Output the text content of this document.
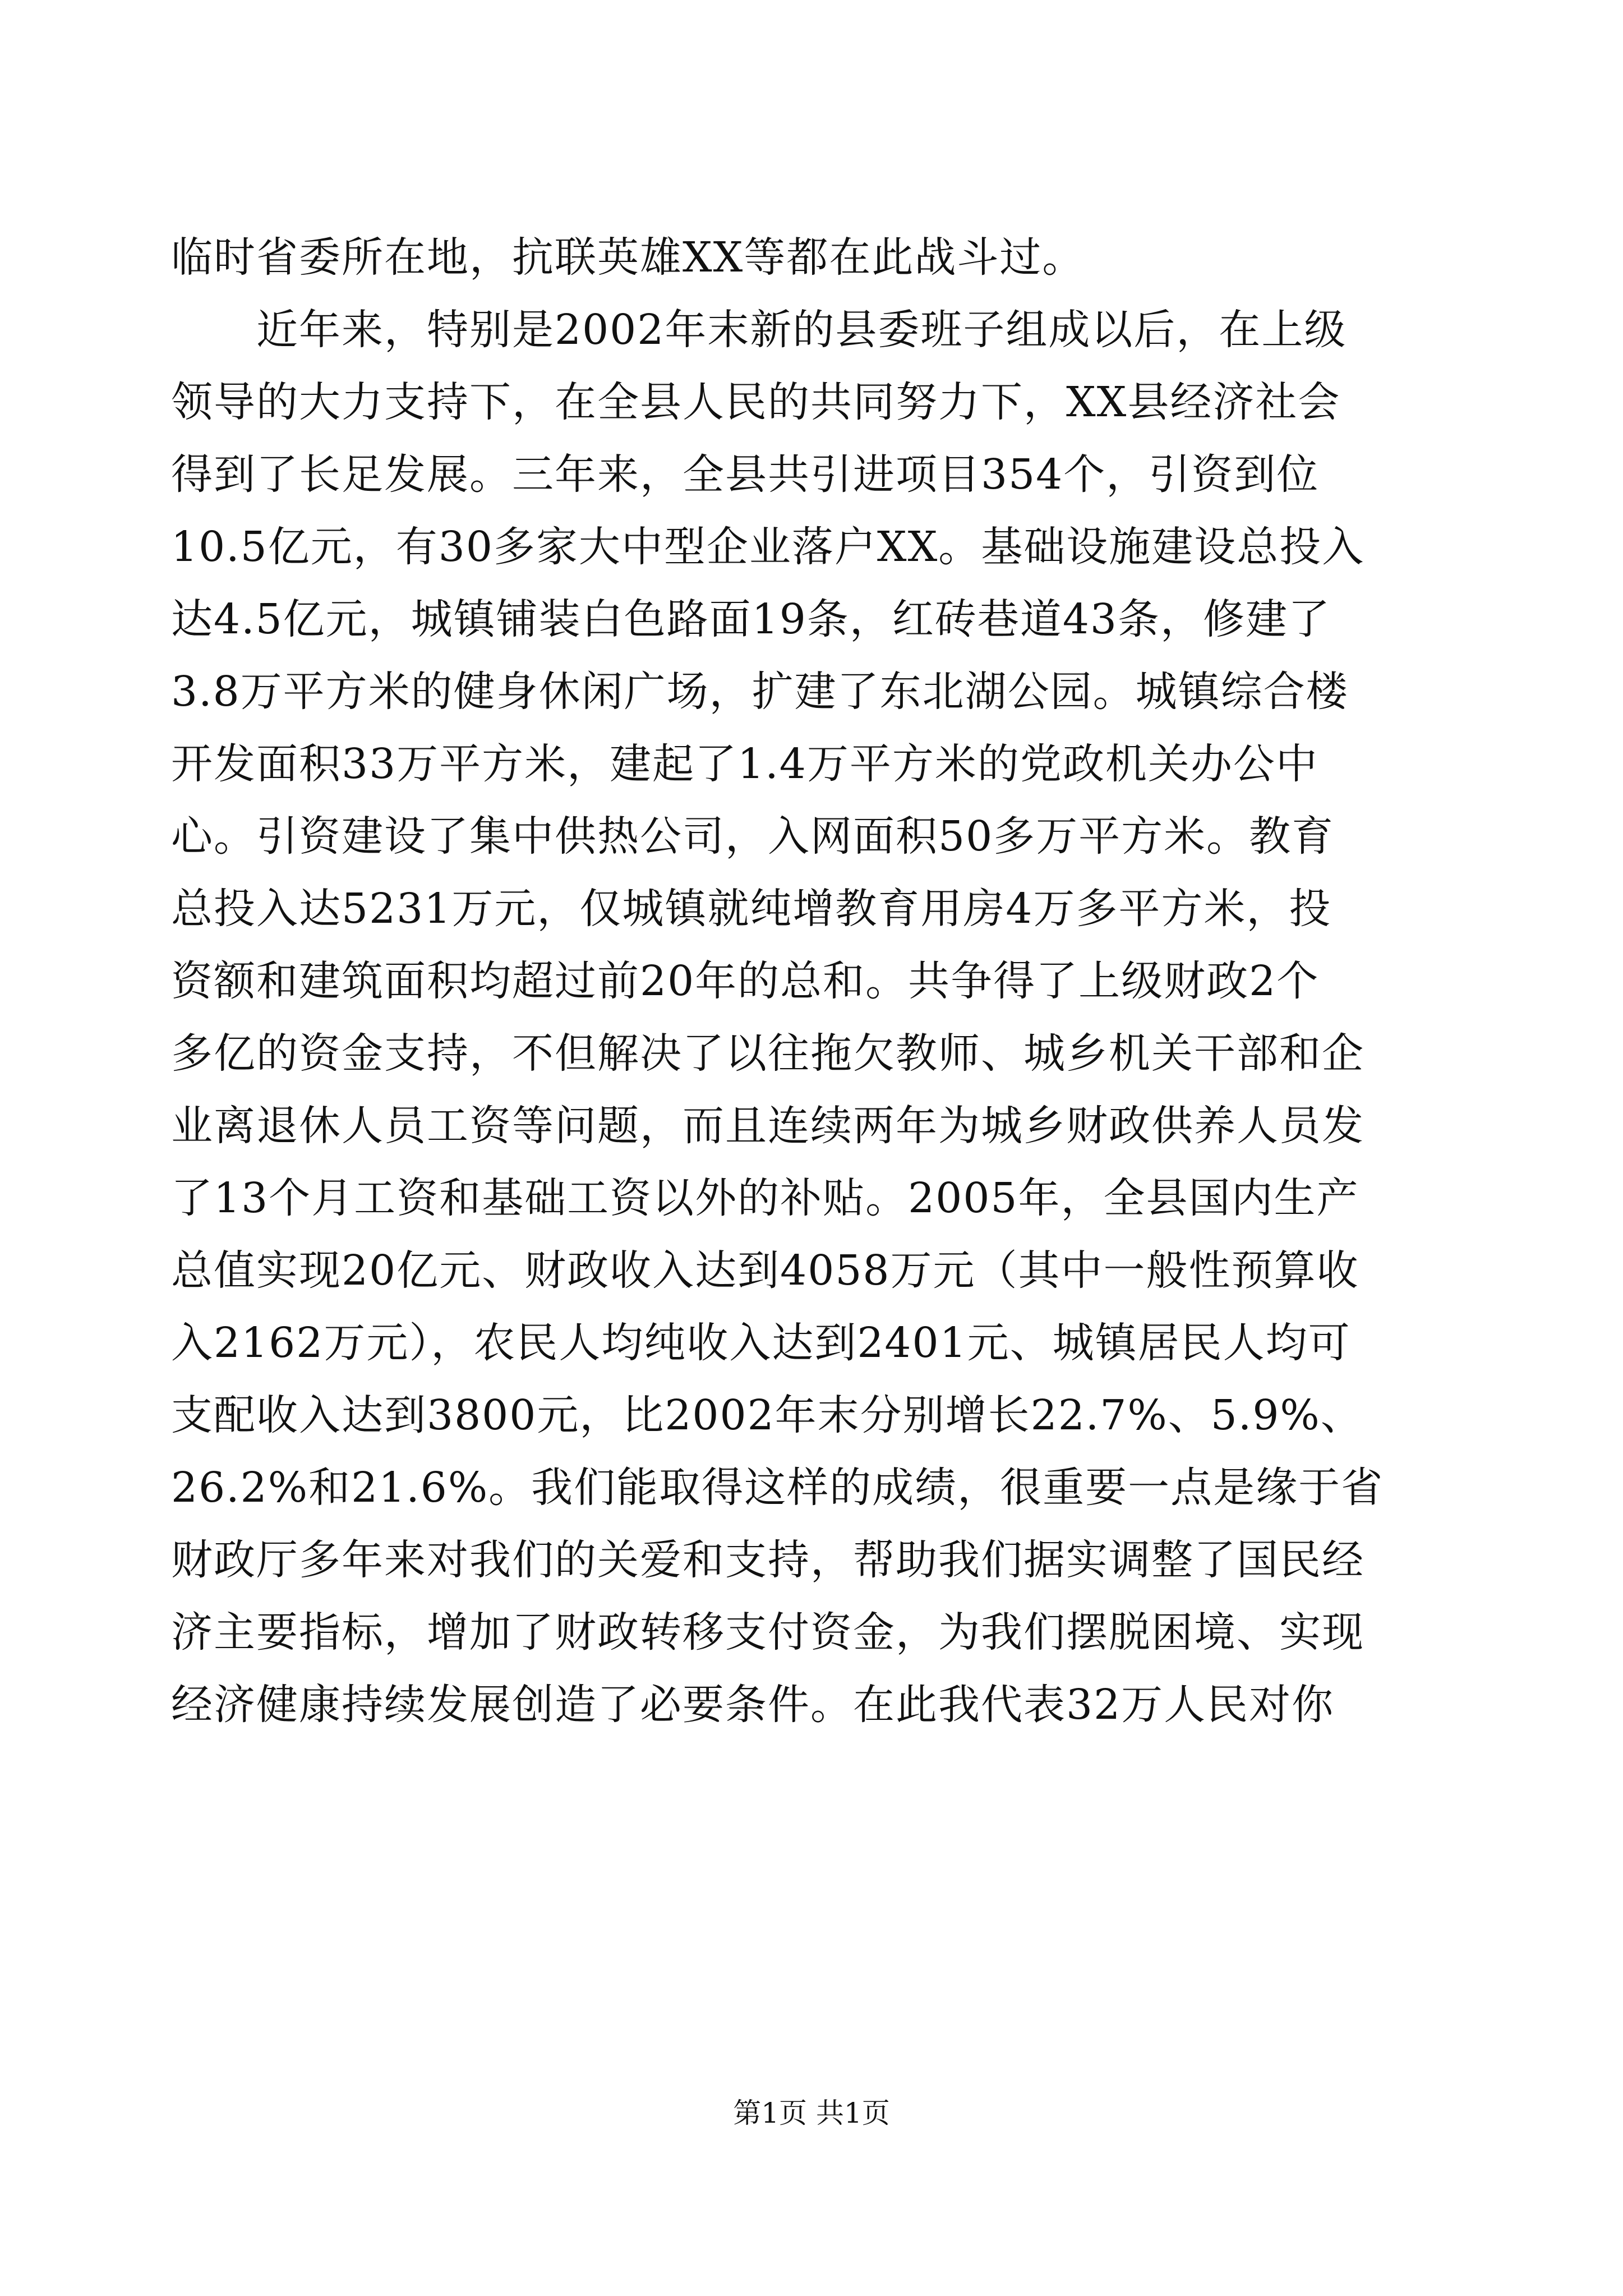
临时省委所在地，抗联英雄XX等都在此战斗过。
　　近年来，特别是2002年末新的县委班子组成以后，在上级
领导的大力支持下，在全县人民的共同努力下，XX县经济社会
得到了长足发展。三年来，全县共引进项目354个，引资到位
10.5亿元，有30多家大中型企业落户XX。基础设施建设总投入
达4.5亿元，城镇铺装白色路面19条，红砖巷道43条，修建了
3.8万平方米的健身休闲广场，扩建了东北湖公园。城镇综合楼
开发面积33万平方米，建起了1.4万平方米的党政机关办公中
心。引资建设了集中供热公司，入网面积50多万平方米。教育
总投入达5231万元，仅城镇就纯增教育用房4万多平方米，投
资额和建筑面积均超过前20年的总和。共争得了上级财政2个
多亿的资金支持，不但解决了以往拖欠教师、城乡机关干部和企
业离退休人员工资等问题，而且连续两年为城乡财政供养人员发
了13个月工资和基础工资以外的补贴。2005年，全县国内生产
总值实现20亿元、财政收入达到4058万元（其中一般性预算收
入2162万元），农民人均纯收入达到2401元、城镇居民人均可
支配收入达到3800元，比2002年末分别增长22.7%、5.9%、
26.2%和21.6%。我们能取得这样的成绩，很重要一点是缘于省
财政厅多年来对我们的关爱和支持，帮助我们据实调整了国民经
济主要指标，增加了财政转移支付资金，为我们摆脱困境、实现
经济健康持续发展创造了必要条件。在此我代表32万人民对你
第1页 共1页
